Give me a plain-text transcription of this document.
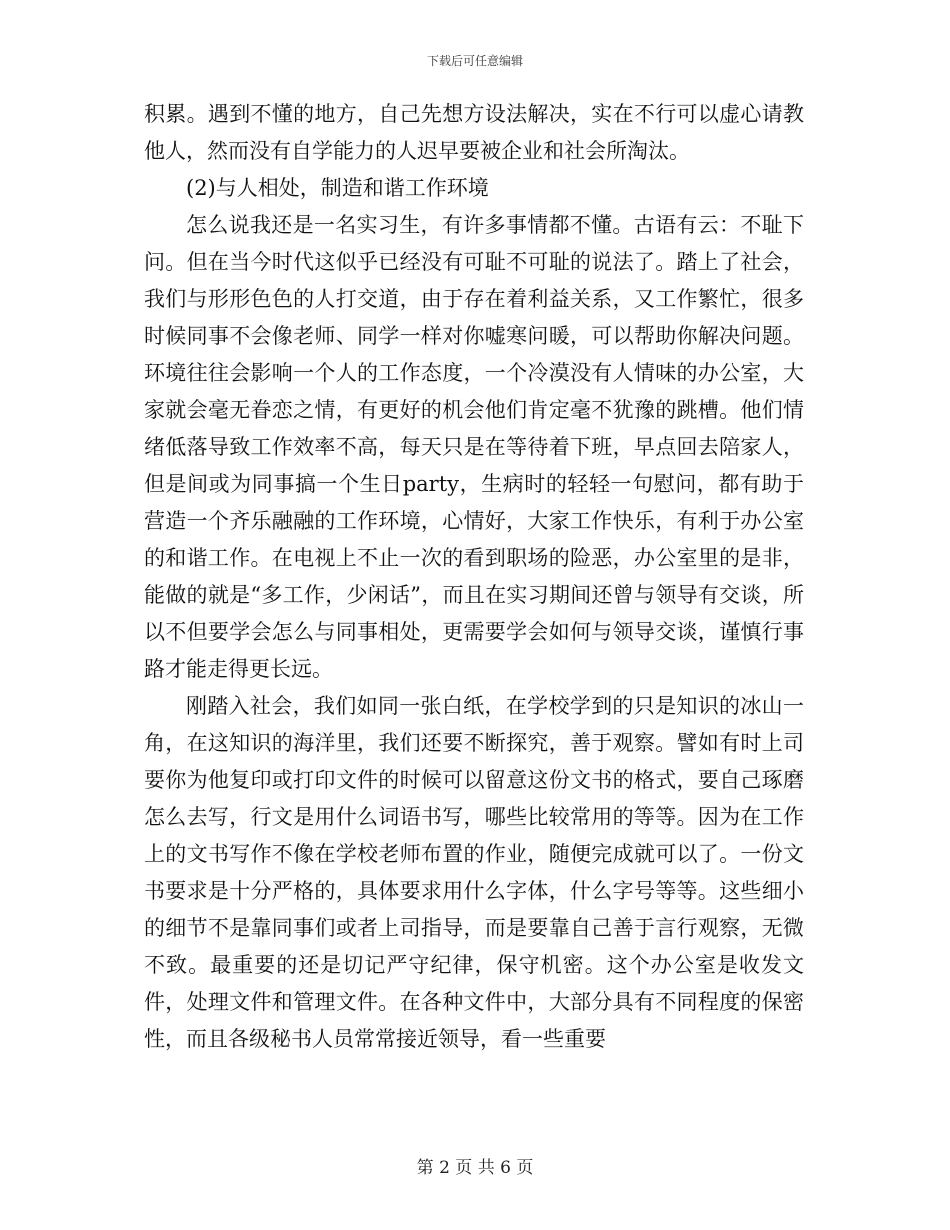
下载后可任意编辑

积累。遇到不懂的地方，自己先想方设法解决，实在不行可以虚心请教他人，然而没有自学能力的人迟早要被企业和社会所淘汰。

(2)与人相处，制造和谐工作环境

怎么说我还是一名实习生，有许多事情都不懂。古语有云：不耻下问。但在当今时代这似乎已经没有可耻不可耻的说法了。踏上了社会，我们与形形色色的人打交道，由于存在着利益关系，又工作繁忙，很多时候同事不会像老师、同学一样对你嘘寒问暖，可以帮助你解决问题。环境往往会影响一个人的工作态度，一个冷漠没有人情味的办公室，大家就会毫无眷恋之情，有更好的机会他们肯定毫不犹豫的跳槽。他们情绪低落导致工作效率不高，每天只是在等待着下班，早点回去陪家人，但是间或为同事搞一个生日party，生病时的轻轻一句慰问，都有助于营造一个齐乐融融的工作环境，心情好，大家工作快乐，有利于办公室的和谐工作。在电视上不止一次的看到职场的险恶，办公室里的是非，能做的就是“多工作，少闲话”，而且在实习期间还曾与领导有交谈，所以不但要学会怎么与同事相处，更需要学会如何与领导交谈，谨慎行事路才能走得更长远。

刚踏入社会，我们如同一张白纸，在学校学到的只是知识的冰山一角，在这知识的海洋里，我们还要不断探究，善于观察。譬如有时上司要你为他复印或打印文件的时候可以留意这份文书的格式，要自己琢磨怎么去写，行文是用什么词语书写，哪些比较常用的等等。因为在工作上的文书写作不像在学校老师布置的作业，随便完成就可以了。一份文书要求是十分严格的，具体要求用什么字体，什么字号等等。这些细小的细节不是靠同事们或者上司指导，而是要靠自己善于言行观察，无微不致。最重要的还是切记严守纪律，保守机密。这个办公室是收发文件，处理文件和管理文件。在各种文件中，大部分具有不同程度的保密性，而且各级秘书人员常常接近领导，看一些重要

第 2 页 共 6 页
